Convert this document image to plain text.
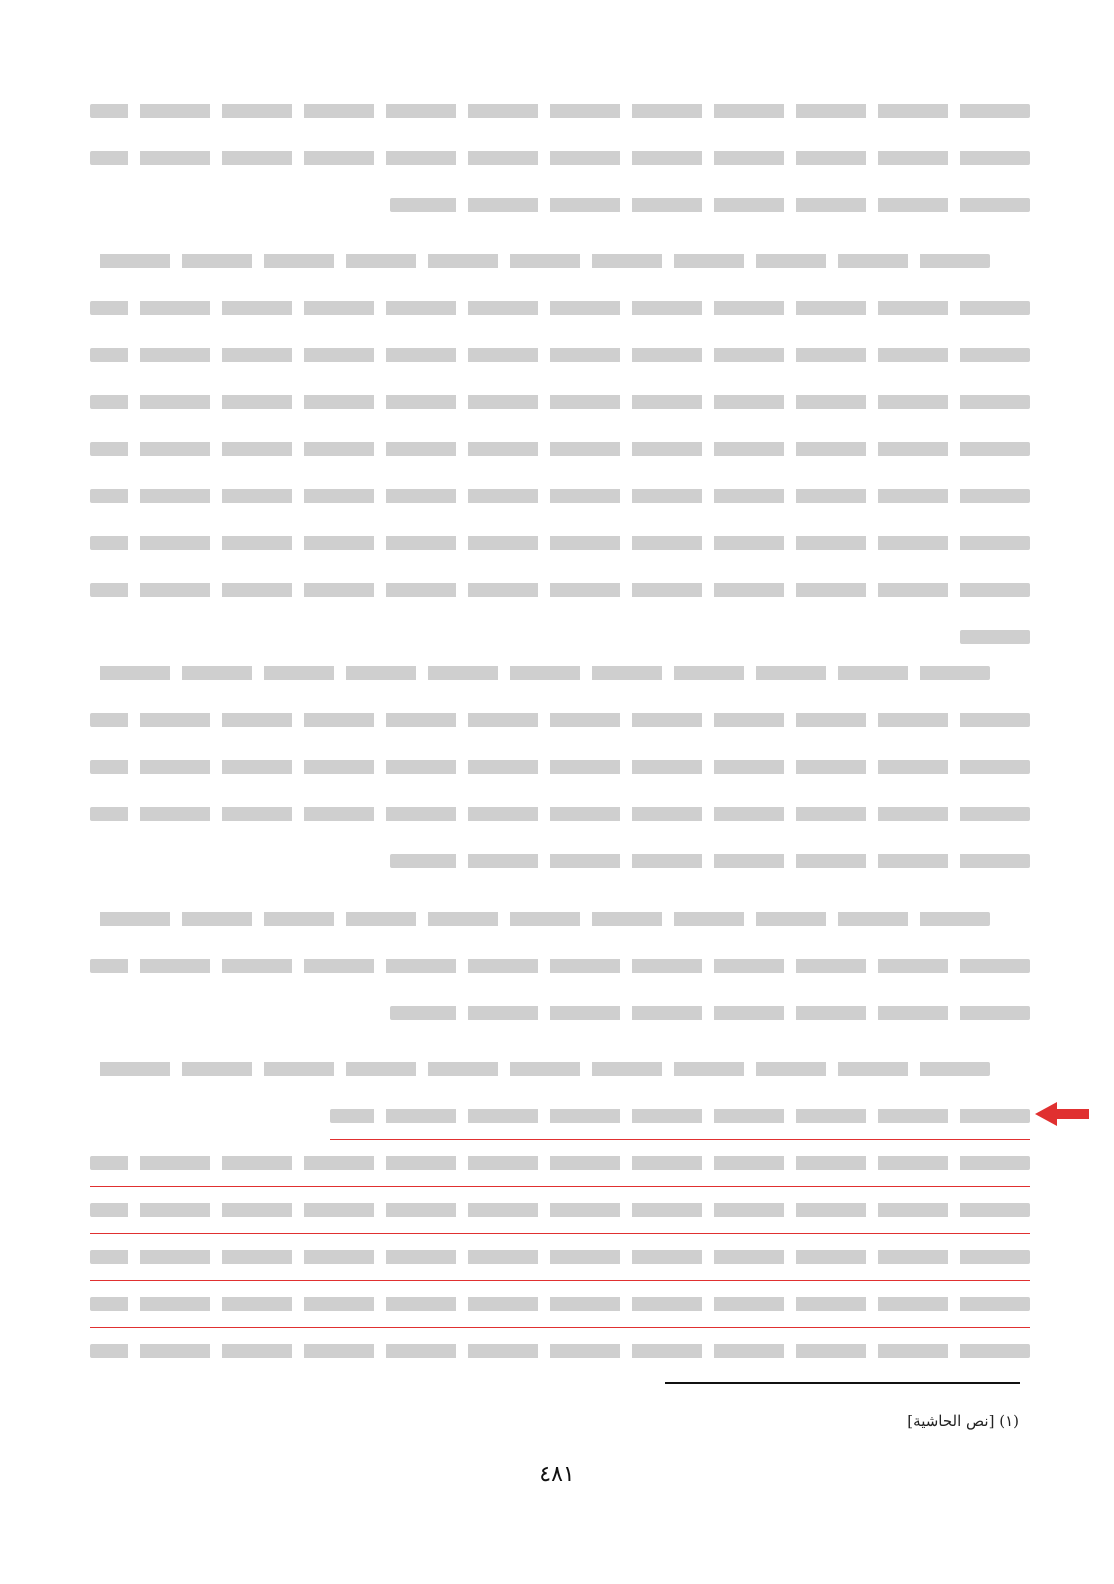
(١) [نص الحاشية]
٤٨١
